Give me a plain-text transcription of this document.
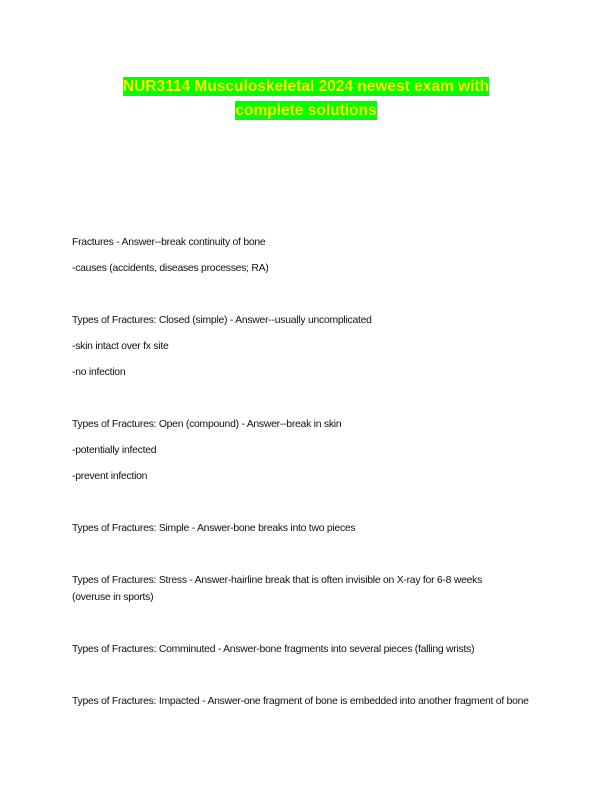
NUR3114 Musculoskeletal 2024 newest exam with
complete solutions
Fractures - Answer--break continuity of bone
-causes (accidents, diseases processes; RA)
Types of Fractures: Closed (simple) - Answer--usually uncomplicated
-skin intact over fx site
-no infection
Types of Fractures: Open (compound) - Answer--break in skin
-potentially infected
-prevent infection
Types of Fractures: Simple - Answer-bone breaks into two pieces
Types of Fractures: Stress - Answer-hairline break that is often invisible on X-ray for 6-8 weeks
(overuse in sports)
Types of Fractures: Comminuted - Answer-bone fragments into several pieces (falling wrists)
Types of Fractures: Impacted - Answer-one fragment of bone is embedded into another fragment of bone
